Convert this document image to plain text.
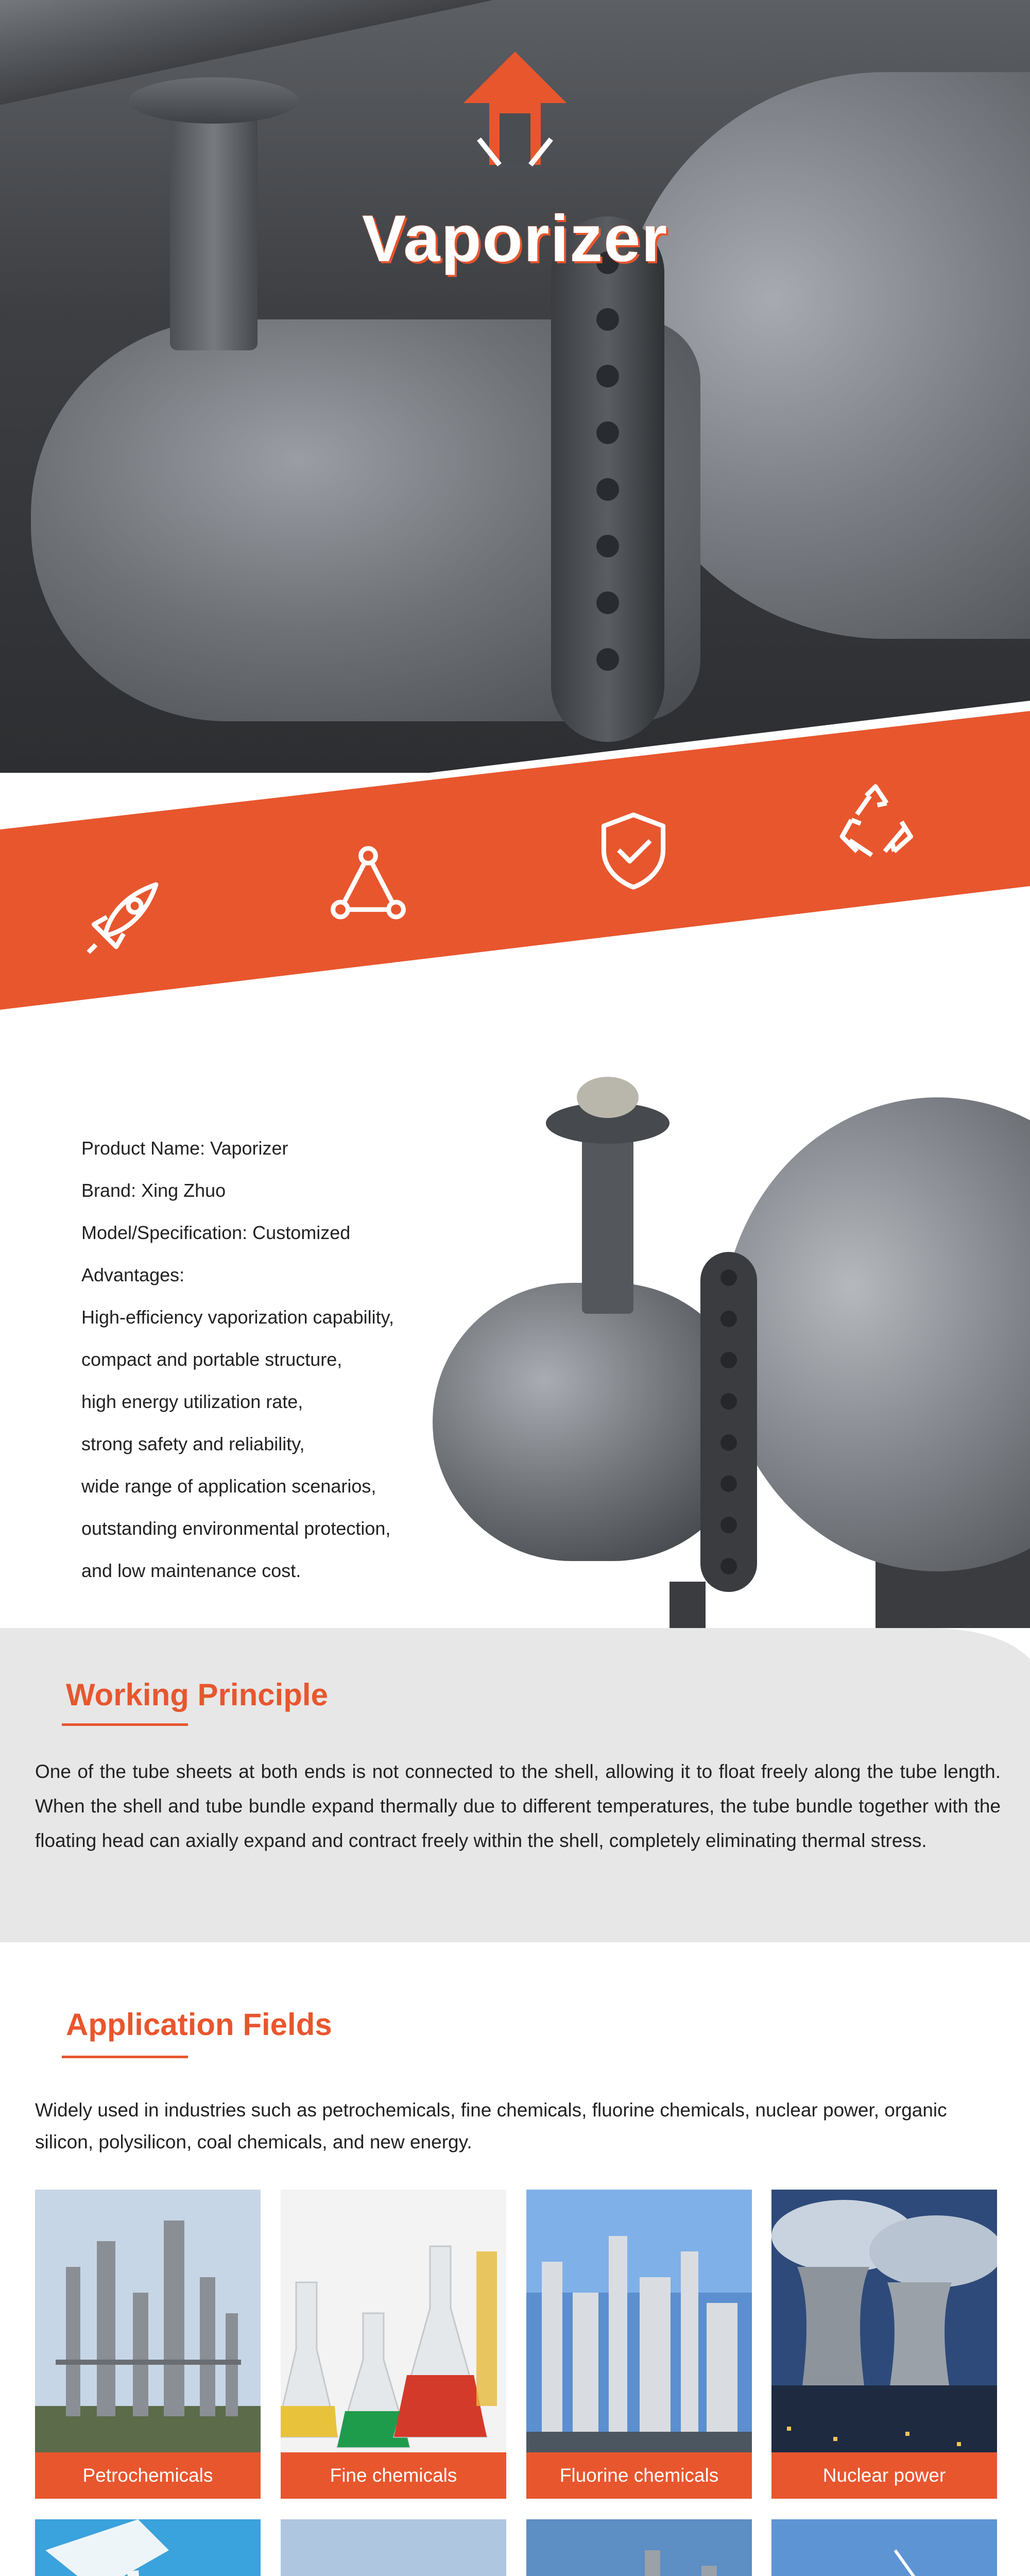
Vaporizer
Product Name: Vaporizer
Brand: Xing Zhuo
Model/Specification: Customized
Advantages:
High-efficiency vaporization capability,
compact and portable structure,
high energy utilization rate,
strong safety and reliability,
wide range of application scenarios,
outstanding environmental protection,
and low maintenance cost.
Working Principle
One of the tube sheets at both ends is not connected to the shell, allowing it to float freely along the tube length. When the shell and tube bundle expand thermally due to different temperatures, the tube bundle together with the floating head can axially expand and contract freely within the shell, completely eliminating thermal stress.
Application Fields
Widely used in industries such as petrochemicals, fine chemicals, fluorine chemicals, nuclear power, organic silicon, polysilicon, coal chemicals, and new energy.
Petrochemicals	Fine chemicals	Fluorine chemicals	Nuclear power
